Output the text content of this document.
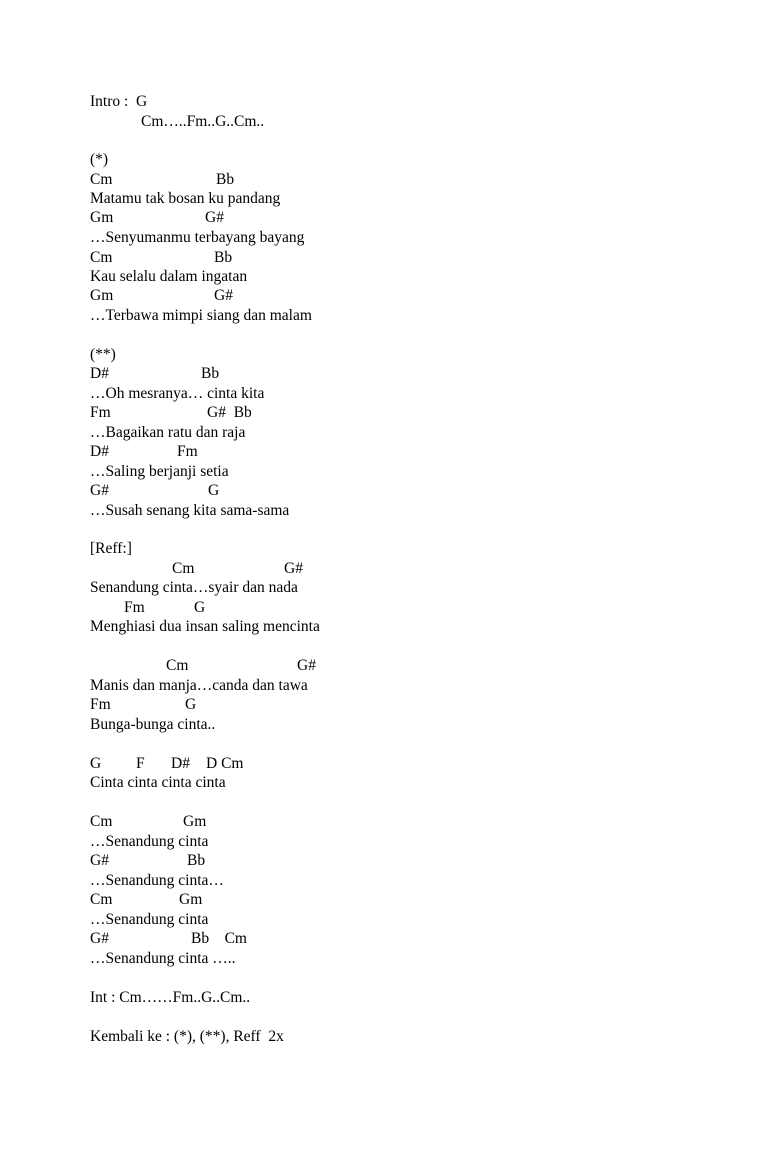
Intro :  G
Cm…..Fm..G..Cm..
(*)
Cm	Bb
Matamu tak bosan ku pandang
Gm	G#
…Senyumanmu terbayang bayang
Cm	Bb
Kau selalu dalam ingatan
Gm	G#
…Terbawa mimpi siang dan malam
(**)
D#	Bb
…Oh mesranya… cinta kita
Fm	G#  Bb
…Bagaikan ratu dan raja
D#	Fm
…Saling berjanji setia
G#	G
…Susah senang kita sama-sama
[Reff:]
Cm	G#
Senandung cinta…syair dan nada
Fm	G
Menghiasi dua insan saling mencinta
Cm	G#
Manis dan manja…canda dan tawa
Fm	G
Bunga-bunga cinta..
G F D# D Cm
Cinta cinta cinta cinta
Cm	Gm
…Senandung cinta
G#	Bb
…Senandung cinta…
Cm	Gm
…Senandung cinta
G#	Bb    Cm
…Senandung cinta …..
Int : Cm……Fm..G..Cm..
Kembali ke : (*), (**), Reff  2x
